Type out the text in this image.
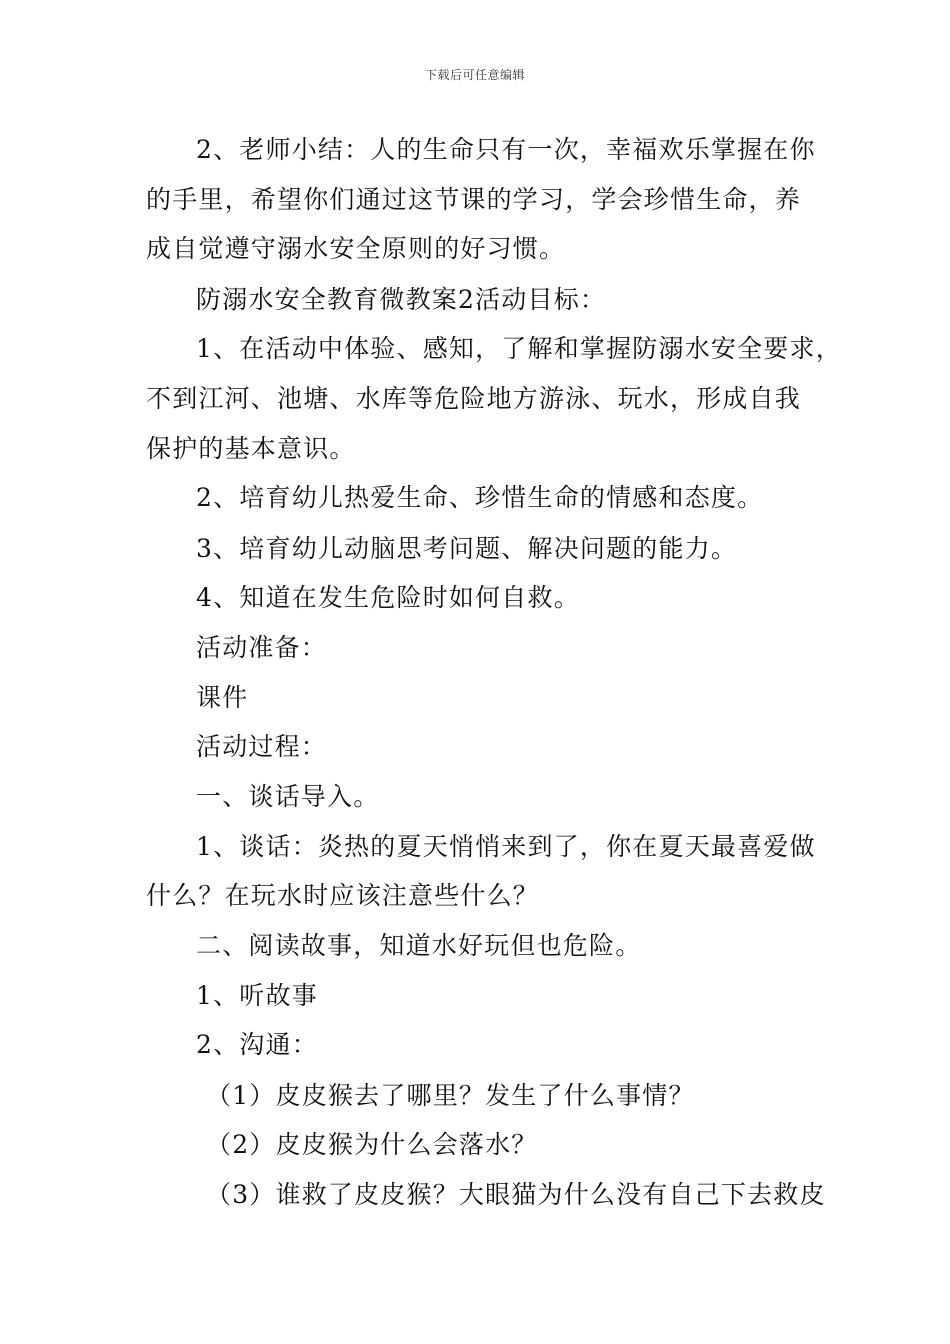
下载后可任意编辑
2、老师小结：人的生命只有一次，幸福欢乐掌握在你
的手里，希望你们通过这节课的学习，学会珍惜生命，养
成自觉遵守溺水安全原则的好习惯。
防溺水安全教育微教案2活动目标：
1、在活动中体验、感知，了解和掌握防溺水安全要求，
不到江河、池塘、水库等危险地方游泳、玩水，形成自我
保护的基本意识。
2、培育幼儿热爱生命、珍惜生命的情感和态度。
3、培育幼儿动脑思考问题、解决问题的能力。
4、知道在发生危险时如何自救。
活动准备：
课件
活动过程：
一、谈话导入。
1、谈话：炎热的夏天悄悄来到了，你在夏天最喜爱做
什么？在玩水时应该注意些什么？
二、阅读故事，知道水好玩但也危险。
1、听故事
2、沟通：
（1）皮皮猴去了哪里？发生了什么事情？
（2）皮皮猴为什么会落水？
（3）谁救了皮皮猴？大眼猫为什么没有自己下去救皮
